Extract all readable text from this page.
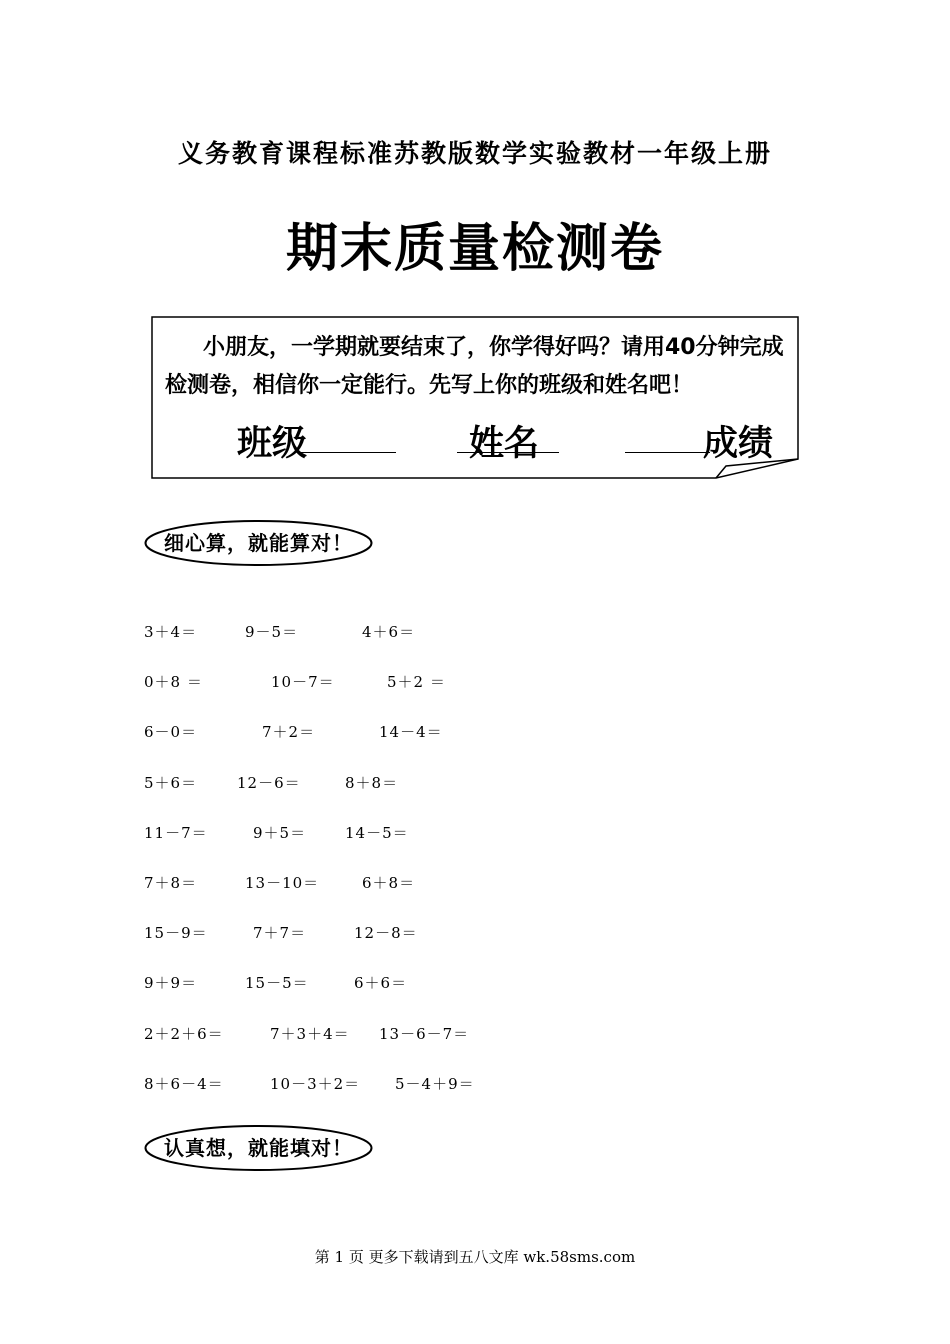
义务教育课程标准苏教版数学实验教材一年级上册
期末质量检测卷
小朋友，一学期就要结束了，你学得好吗？请用40分钟完成
检测卷，相信你一定能行。先写上你的班级和姓名吧！
班级	姓名	成绩
细心算，就能算对！
3＋4＝	9－5＝	4＋6＝
0＋8 ＝	10－7＝	5＋2 ＝
6－0＝	7＋2＝	14－4＝
5＋6＝	12－6＝	8＋8＝
11－7＝	9＋5＝	14－5＝
7＋8＝	13－10＝	6＋8＝
15－9＝	7＋7＝	12－8＝
9＋9＝	15－5＝	6＋6＝
2＋2＋6＝	7＋3＋4＝ 13－6－7＝
8＋6－4＝	10－3＋2＝ 5－4＋9＝
认真想，就能填对！
第 1 页 更多下载请到五八文库 wk.58sms.com
